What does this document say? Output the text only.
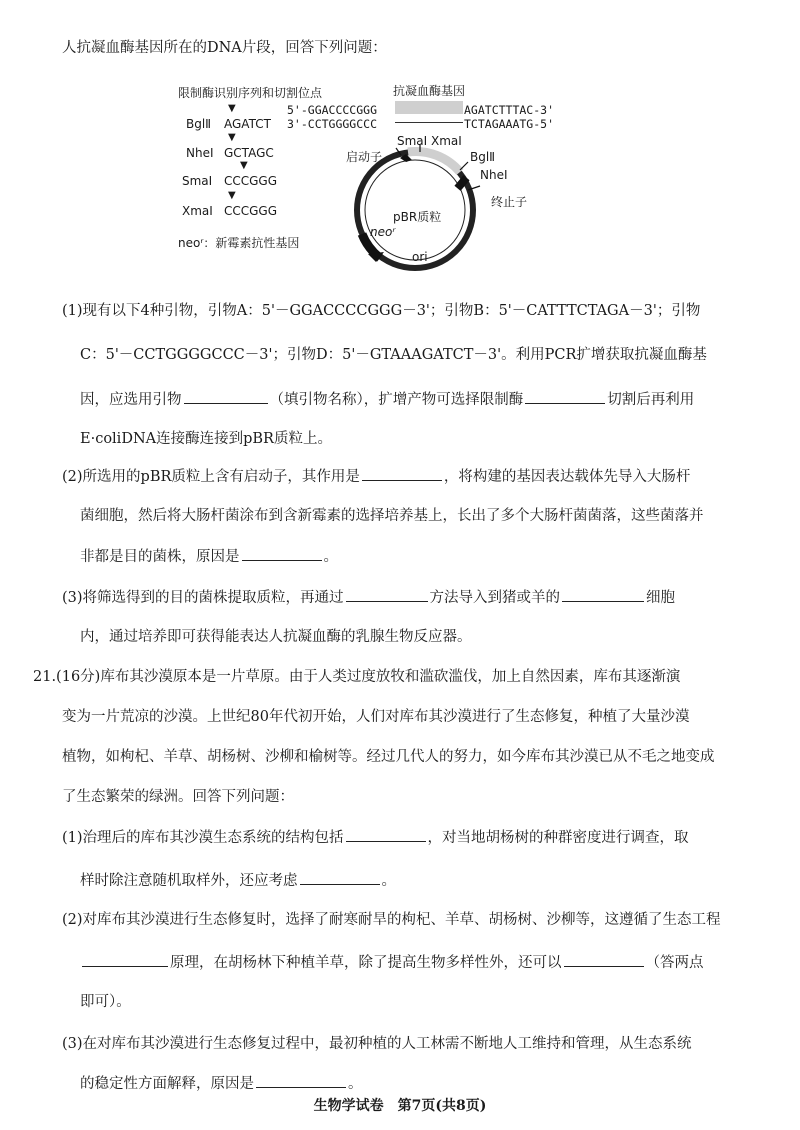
人抗凝血酶基因所在的DNA片段，回答下列问题：
限制酶识别序列和切割位点
▼
BglⅡ AGATCT
▼
NheⅠ GCTAGC
▼
SmaⅠ CCCGGG
▼
XmaⅠ CCCGGG
neoʳ：新霉素抗性基因
抗凝血酶基因
5'-GGACCCCGGG
3'-CCTGGGGCCC
AGATCTTTAC-3'
TCTAGAAATG-5'
SmaⅠ XmaⅠ
启动子	BglⅡ
NheⅠ
终止子
pBR质粒
neoʳ
ori
(1)现有以下4种引物，引物A：5'－GGACCCCGGG－3'；引物B：5'－CATTTCTAGA－3'；引物
C：5'－CCTGGGGCCC－3'；引物D：5'－GTAAAGATCT－3'。利用PCR扩增获取抗凝血酶基
因，应选用引物	（填引物名称），扩增产物可选择限制酶	切割后再利用
E·coliDNA连接酶连接到pBR质粒上。
(2)所选用的pBR质粒上含有启动子，其作用是	，将构建的基因表达载体先导入大肠杆
菌细胞，然后将大肠杆菌涂布到含新霉素的选择培养基上，长出了多个大肠杆菌菌落，这些菌落并
非都是目的菌株，原因是	。
(3)将筛选得到的目的菌株提取质粒，再通过	方法导入到猪或羊的	细胞
内，通过培养即可获得能表达人抗凝血酶的乳腺生物反应器。
21.(16分)库布其沙漠原本是一片草原。由于人类过度放牧和滥砍滥伐，加上自然因素，库布其逐渐演
变为一片荒凉的沙漠。上世纪80年代初开始，人们对库布其沙漠进行了生态修复，种植了大量沙漠
植物，如枸杞、羊草、胡杨树、沙柳和榆树等。经过几代人的努力，如今库布其沙漠已从不毛之地变成
了生态繁荣的绿洲。回答下列问题：
(1)治理后的库布其沙漠生态系统的结构包括	，对当地胡杨树的种群密度进行调查，取
样时除注意随机取样外，还应考虑	。
(2)对库布其沙漠进行生态修复时，选择了耐寒耐旱的枸杞、羊草、胡杨树、沙柳等，这遵循了生态工程
原理，在胡杨林下种植羊草，除了提高生物多样性外，还可以	（答两点
即可）。
(3)在对库布其沙漠进行生态修复过程中，最初种植的人工林需不断地人工维持和管理，从生态系统
的稳定性方面解释，原因是	。
生物学试卷　第7页(共8页)
